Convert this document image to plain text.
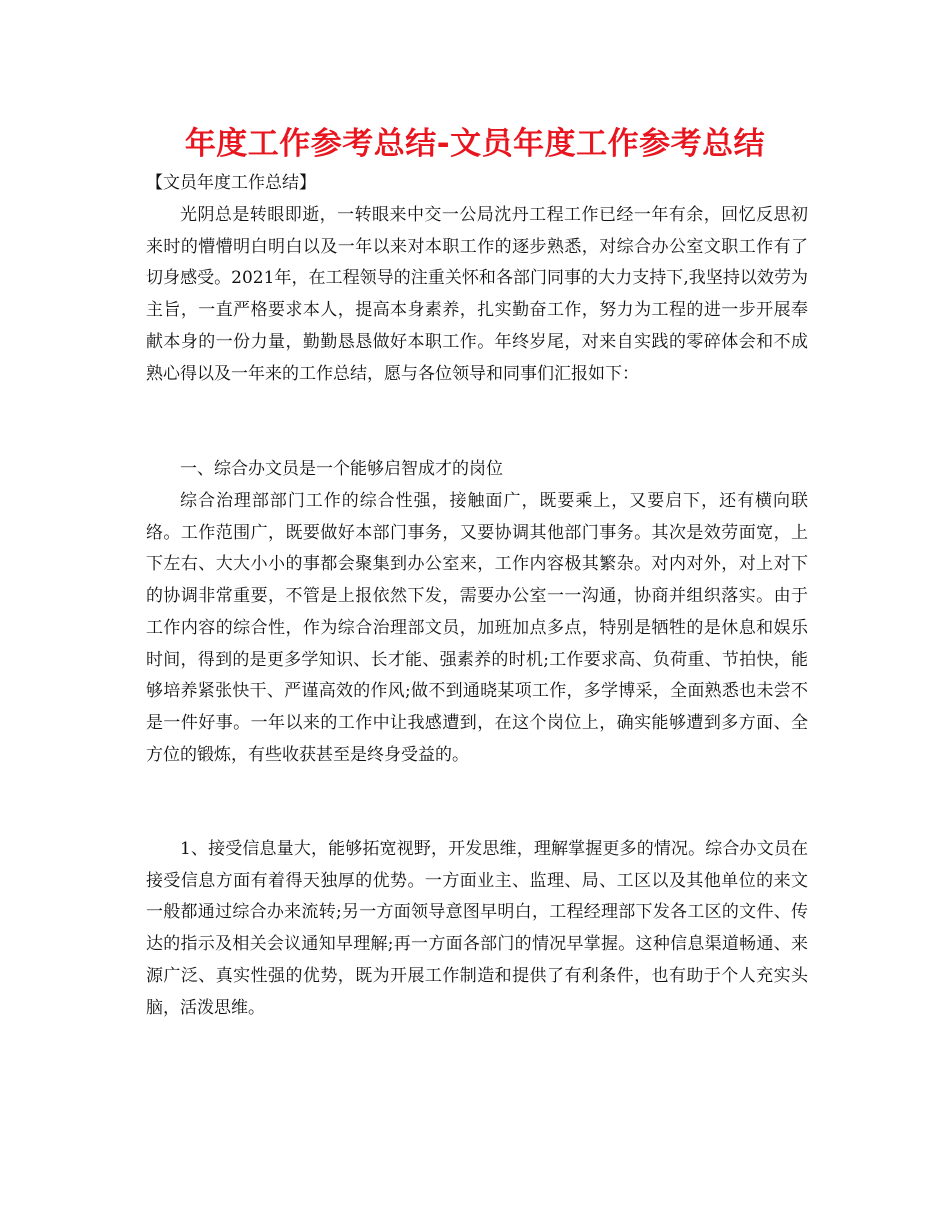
年度工作参考总结-文员年度工作参考总结
【文员年度工作总结】

光阴总是转眼即逝，一转眼来中交一公局沈丹工程工作已经一年有余，回忆反思初来时的懵懵明白明白以及一年以来对本职工作的逐步熟悉，对综合办公室文职工作有了切身感受。2021年，在工程领导的注重关怀和各部门同事的大力支持下,我坚持以效劳为主旨，一直严格要求本人，提高本身素养，扎实勤奋工作，努力为工程的进一步开展奉献本身的一份力量，勤勤恳恳做好本职工作。年终岁尾，对来自实践的零碎体会和不成熟心得以及一年来的工作总结，愿与各位领导和同事们汇报如下：

一、综合办文员是一个能够启智成才的岗位

综合治理部部门工作的综合性强，接触面广，既要乘上，又要启下，还有横向联络。工作范围广，既要做好本部门事务，又要协调其他部门事务。其次是效劳面宽，上下左右、大大小小的事都会聚集到办公室来，工作内容极其繁杂。对内对外，对上对下的协调非常重要，不管是上报依然下发，需要办公室一一沟通，协商并组织落实。由于工作内容的综合性，作为综合治理部文员，加班加点多点，特别是牺牲的是休息和娱乐时间，得到的是更多学知识、长才能、强素养的时机;工作要求高、负荷重、节拍快，能够培养紧张快干、严谨高效的作风;做不到通晓某项工作，多学博采，全面熟悉也未尝不是一件好事。一年以来的工作中让我感遭到，在这个岗位上，确实能够遭到多方面、全方位的锻炼，有些收获甚至是终身受益的。

1、接受信息量大，能够拓宽视野，开发思维，理解掌握更多的情况。综合办文员在接受信息方面有着得天独厚的优势。一方面业主、监理、局、工区以及其他单位的来文一般都通过综合办来流转;另一方面领导意图早明白，工程经理部下发各工区的文件、传达的指示及相关会议通知早理解;再一方面各部门的情况早掌握。这种信息渠道畅通、来源广泛、真实性强的优势，既为开展工作制造和提供了有利条件，也有助于个人充实头脑，活泼思维。
